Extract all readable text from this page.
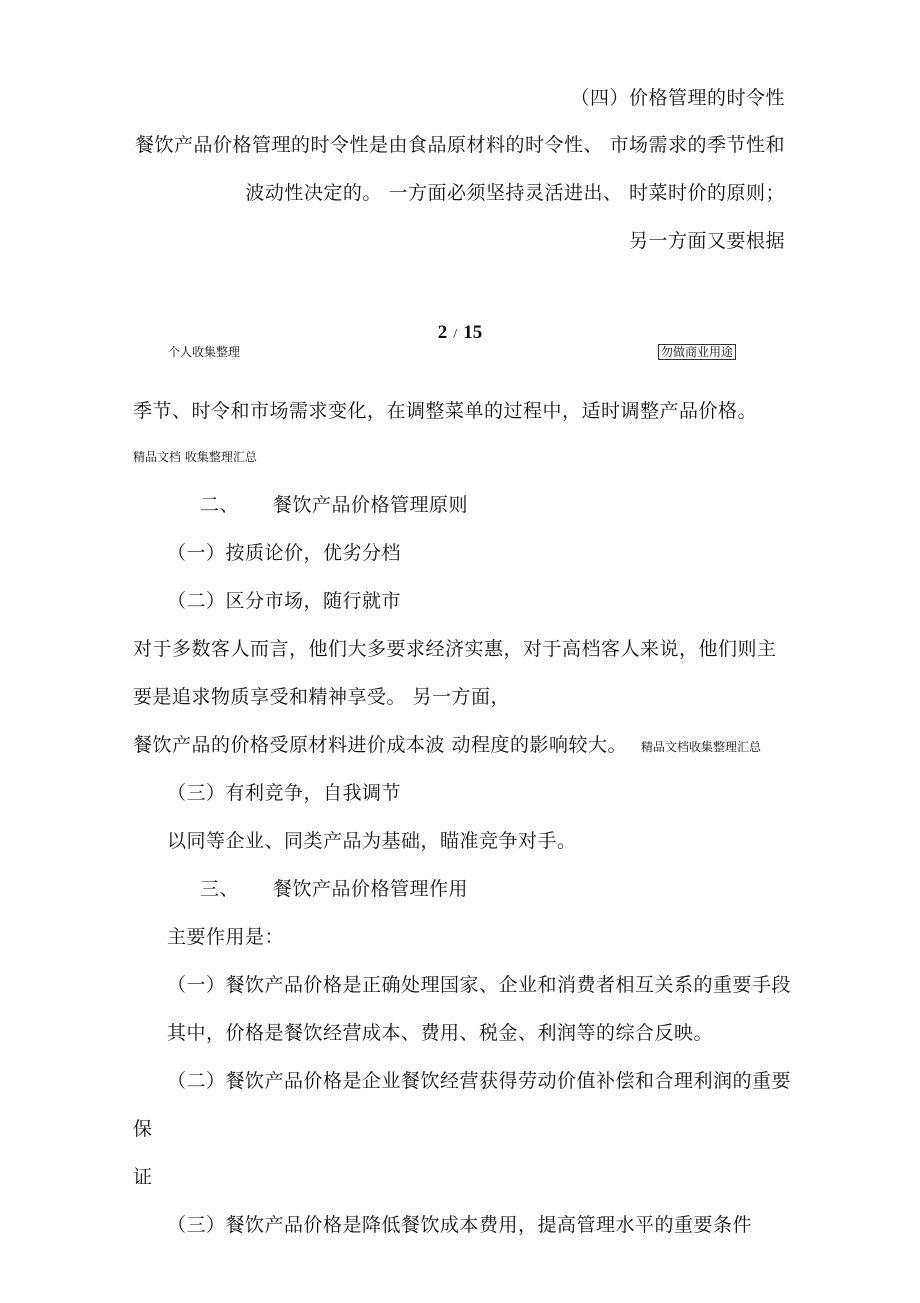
（四）价格管理的时令性
餐饮产品价格管理的时令性是由食品原材料的时令性、 市场需求的季节性和
波动性决定的。 一方面必须坚持灵活进出、 时菜时价的原则；
另一方面又要根据
2 / 15
个人收集整理	勿做商业用途
季节、时令和市场需求变化，在调整菜单的过程中，适时调整产品价格。
精品文档 收集整理汇总
二、 餐饮产品价格管理原则
（一）按质论价，优劣分档
（二）区分市场，随行就市
对于多数客人而言，他们大多要求经济实惠，对于高档客人来说，他们则主
要是追求物质享受和精神享受。 另一方面，
餐饮产品的价格受原材料进价成本波 动程度的影响较大。 精品文档收集整理汇总
（三）有利竞争，自我调节
以同等企业、同类产品为基础，瞄准竞争对手。
三、 餐饮产品价格管理作用
主要作用是：
（一）餐饮产品价格是正确处理国家、企业和消费者相互关系的重要手段
其中，价格是餐饮经营成本、费用、税金、利润等的综合反映。
（二）餐饮产品价格是企业餐饮经营获得劳动价值补偿和合理利润的重要
保
证
（三）餐饮产品价格是降低餐饮成本费用，提高管理水平的重要条件
